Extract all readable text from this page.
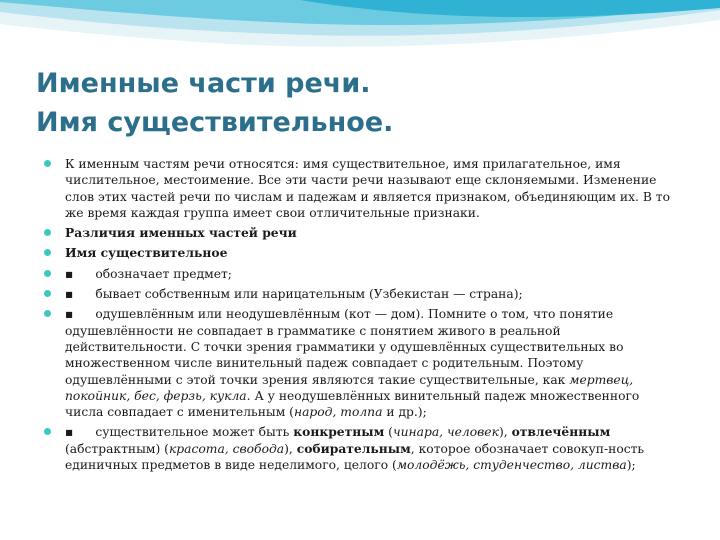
Именные части речи.
Имя существительное.
К именным частям речи относятся: имя существительное, имя прилагательное, имя числительное, местоимение. Все эти части речи называют еще склоняемыми. Изменение слов этих частей речи по числам и падежам и является признаком, объединяющим их. В то же время каждая группа имеет свои отличительные признаки.
Различия именных частей речи
Имя существительное
▪ обозначает предмет;
▪ бывает собственным или нарицательным (Узбекистан — страна);
▪ одушевлённым или неодушевлённым (кот — дом). Помните о том, что понятие одушевлённости не совпадает в грамматике с понятием живого в реальной действительности. С точки зрения грамматики у одушевлённых существительных во множественном числе винительный падеж совпадает с родительным. Поэтому одушевлёнными с этой точки зрения являются такие существительные, как мертвец, покойник, бес, ферзь, кукла. А у неодушевлённых винительный падеж множественного числа совпадает с именительным (народ, толпа и др.);
▪ существительное может быть конкретным (чинара, человек), отвлечённым (абстрактным) (красота, свобода), собирательным, которое обозначает совокуп-ность единичных предметов в виде неделимого, целого (молодёжь, студенчество, листва);
